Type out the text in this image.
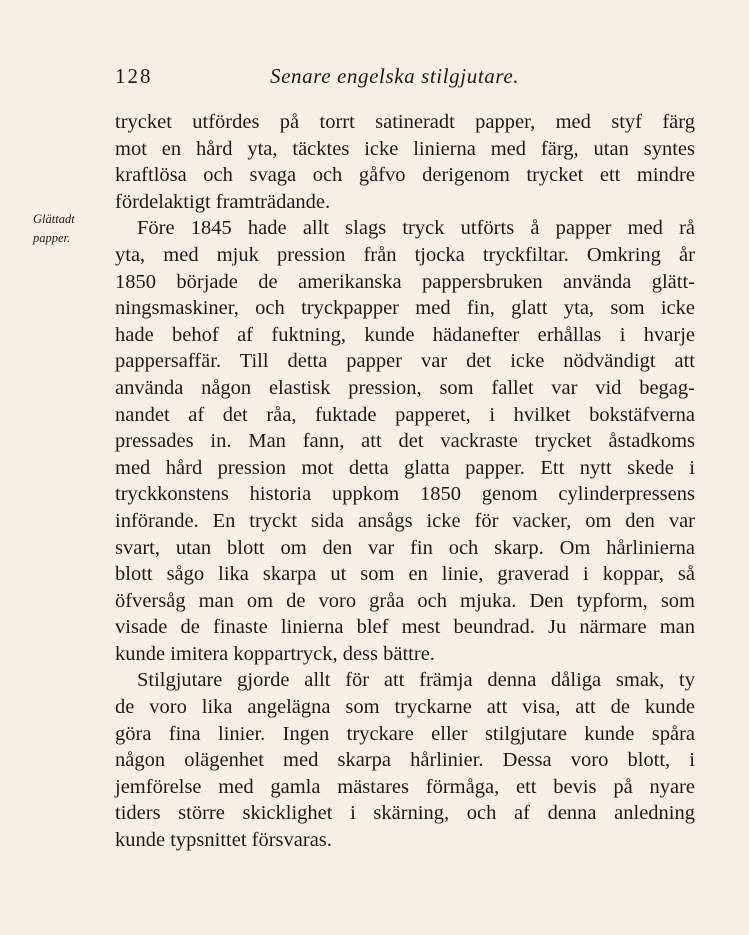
128	Senare engelska stilgjutare.
Glättadt
papper.
trycket utfördes på torrt satineradt papper, med styf färg
mot en hård yta, täcktes icke linierna med färg, utan syntes
kraftlösa och svaga och gåfvo derigenom trycket ett mindre
fördelaktigt framträdande.
Före 1845 hade allt slags tryck utförts å papper med rå
yta, med mjuk pression från tjocka tryckfiltar. Omkring år
1850 började de amerikanska pappersbruken använda glätt-
ningsmaskiner, och tryckpapper med fin, glatt yta, som icke
hade behof af fuktning, kunde hädanefter erhållas i hvarje
pappersaffär. Till detta papper var det icke nödvändigt att
använda någon elastisk pression, som fallet var vid begag-
nandet af det råa, fuktade papperet, i hvilket bokstäfverna
pressades in. Man fann, att det vackraste trycket åstadkoms
med hård pression mot detta glatta papper. Ett nytt skede i
tryckkonstens historia uppkom 1850 genom cylinderpressens
införande. En tryckt sida ansågs icke för vacker, om den var
svart, utan blott om den var fin och skarp. Om hårlinierna
blott sågo lika skarpa ut som en linie, graverad i koppar, så
öfversåg man om de voro gråa och mjuka. Den typform, som
visade de finaste linierna blef mest beundrad. Ju närmare man
kunde imitera koppartryck, dess bättre.
Stilgjutare gjorde allt för att främja denna dåliga smak, ty
de voro lika angelägna som tryckarne att visa, att de kunde
göra fina linier. Ingen tryckare eller stilgjutare kunde spåra
någon olägenhet med skarpa hårlinier. Dessa voro blott, i
jemförelse med gamla mästares förmåga, ett bevis på nyare
tiders större skicklighet i skärning, och af denna anledning
kunde typsnittet försvaras.
